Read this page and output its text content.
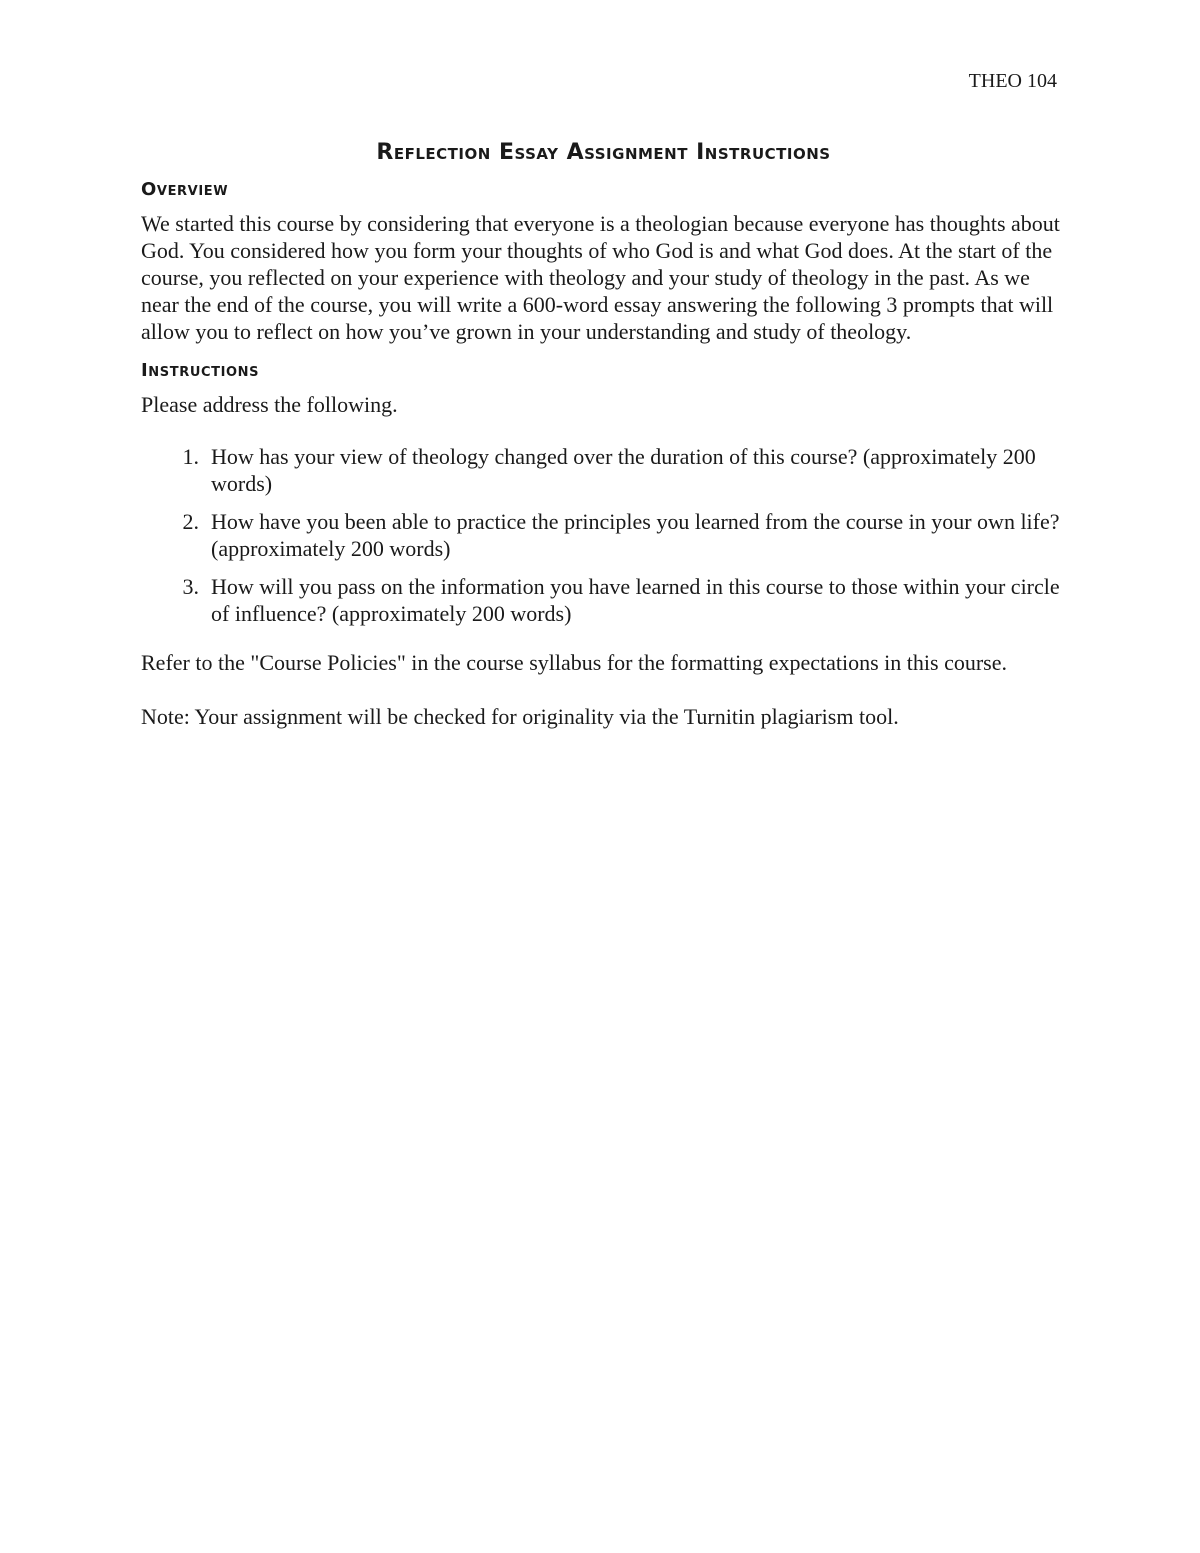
THEO 104
Reflection Essay Assignment Instructions
Overview

We started this course by considering that everyone is a theologian because everyone has thoughts about God. You considered how you form your thoughts of who God is and what God does. At the start of the course, you reflected on your experience with theology and your study of theology in the past. As we near the end of the course, you will write a 600-word essay answering the following 3 prompts that will allow you to reflect on how you’ve grown in your understanding and study of theology.

Instructions

Please address the following.

1. How has your view of theology changed over the duration of this course? (approximately 200 words)
2. How have you been able to practice the principles you learned from the course in your own life? (approximately 200 words)
3. How will you pass on the information you have learned in this course to those within your circle of influence? (approximately 200 words)

Refer to the "Course Policies" in the course syllabus for the formatting expectations in this course.

Note: Your assignment will be checked for originality via the Turnitin plagiarism tool.
